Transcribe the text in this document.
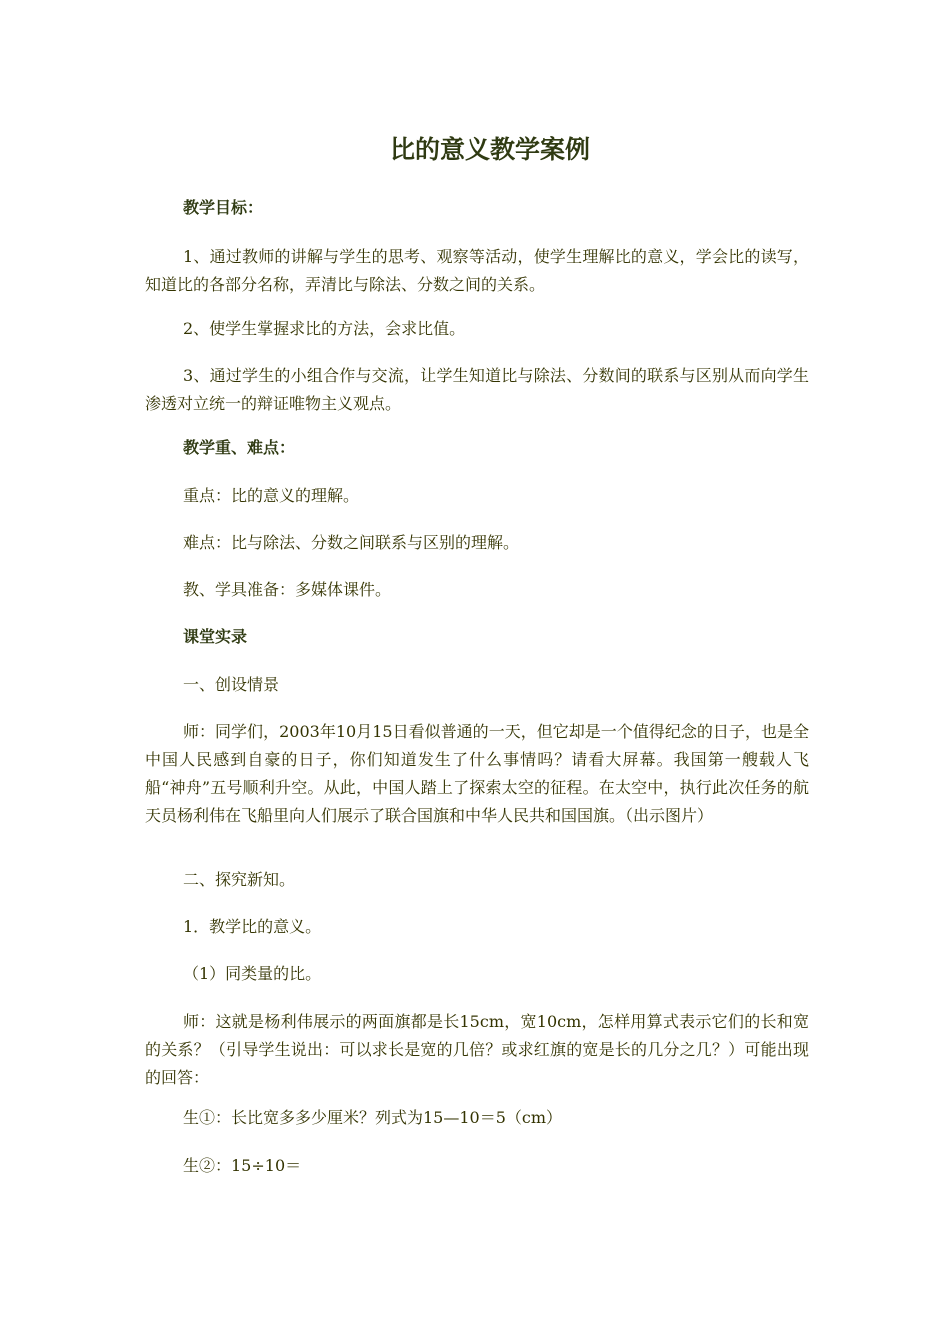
比的意义教学案例

教学目标：

1、通过教师的讲解与学生的思考、观察等活动，使学生理解比的意义，学会比的读写，知道比的各部分名称，弄清比与除法、分数之间的关系。

2、使学生掌握求比的方法，会求比值。

3、通过学生的小组合作与交流，让学生知道比与除法、分数间的联系与区别从而向学生渗透对立统一的辩证唯物主义观点。

教学重、难点：

重点：比的意义的理解。

难点：比与除法、分数之间联系与区别的理解。

教、学具准备：多媒体课件。

课堂实录

一、创设情景

师：同学们，2003年10月15日看似普通的一天，但它却是一个值得纪念的日子，也是全中国人民感到自豪的日子，你们知道发生了什么事情吗？请看大屏幕。我国第一艘载人飞船“神舟”五号顺利升空。从此，中国人踏上了探索太空的征程。在太空中，执行此次任务的航天员杨利伟在飞船里向人们展示了联合国旗和中华人民共和国国旗。（出示图片）

二、探究新知。

1．教学比的意义。

（1）同类量的比。

师：这就是杨利伟展示的两面旗都是长15cm，宽10cm，怎样用算式表示它们的长和宽的关系？（引导学生说出：可以求长是宽的几倍？或求红旗的宽是长的几分之几？）可能出现的回答：

生①：长比宽多多少厘米？列式为15—10＝5（cm）

生②：15÷10＝
